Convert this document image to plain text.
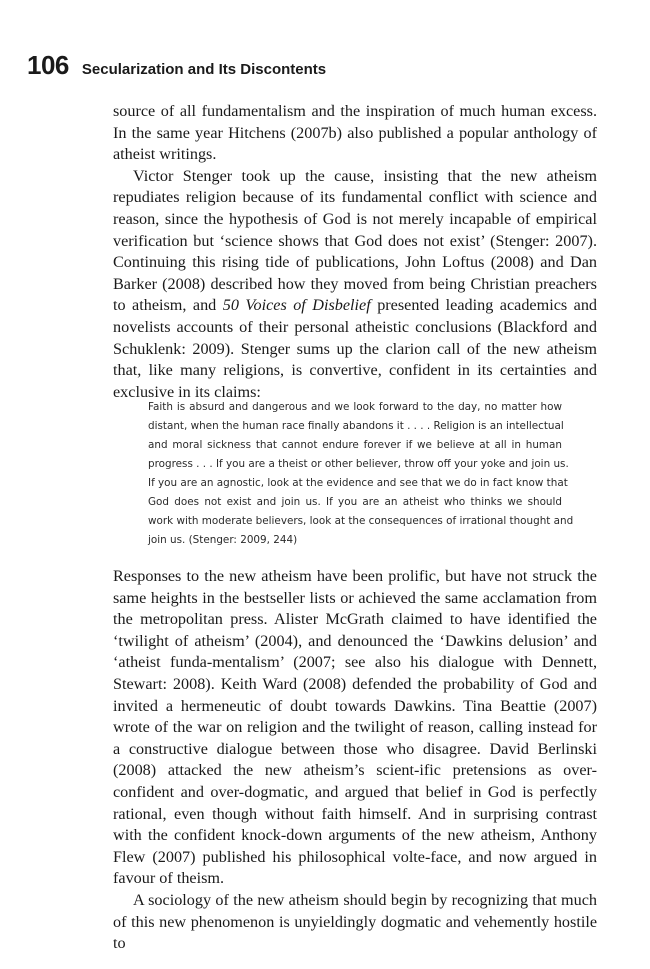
106 Secularization and Its Discontents

source of all fundamentalism and the inspiration of much human excess. In the same year Hitchens (2007b) also published a popular anthology of atheist writings.

Victor Stenger took up the cause, insisting that the new atheism repudiates religion because of its fundamental conflict with science and reason, since the hypothesis of God is not merely incapable of empirical verification but ‘science shows that God does not exist’ (Stenger: 2007). Continuing this rising tide of publications, John Loftus (2008) and Dan Barker (2008) described how they moved from being Christian preachers to atheism, and 50 Voices of Disbelief presented leading academics and novelists accounts of their personal atheistic conclusions (Blackford and Schuklenk: 2009). Stenger sums up the clarion call of the new atheism that, like many religions, is convertive, confident in its certainties and exclusive in its claims:

Faith is absurd and dangerous and we look forward to the day, no matter how
distant, when the human race finally abandons it . . . . Religion is an intellectual
and moral sickness that cannot endure forever if we believe at all in human
progress . . . If you are a theist or other believer, throw off your yoke and join us.
If you are an agnostic, look at the evidence and see that we do in fact know that
God does not exist and join us. If you are an atheist who thinks we should
work with moderate believers, look at the consequences of irrational thought and
join us. (Stenger: 2009, 244)

Responses to the new atheism have been prolific, but have not struck the same heights in the bestseller lists or achieved the same acclamation from the metropolitan press. Alister McGrath claimed to have identified the ‘twilight of atheism’ (2004), and denounced the ‘Dawkins delusion’ and ‘atheist funda-mentalism’ (2007; see also his dialogue with Dennett, Stewart: 2008). Keith Ward (2008) defended the probability of God and invited a hermeneutic of doubt towards Dawkins. Tina Beattie (2007) wrote of the war on religion and the twilight of reason, calling instead for a constructive dialogue between those who disagree. David Berlinski (2008) attacked the new atheism’s scient-ific pretensions as over-confident and over-dogmatic, and argued that belief in God is perfectly rational, even though without faith himself. And in surprising contrast with the confident knock-down arguments of the new atheism, Anthony Flew (2007) published his philosophical volte-face, and now argued in favour of theism.

A sociology of the new atheism should begin by recognizing that much of this new phenomenon is unyieldingly dogmatic and vehemently hostile to
